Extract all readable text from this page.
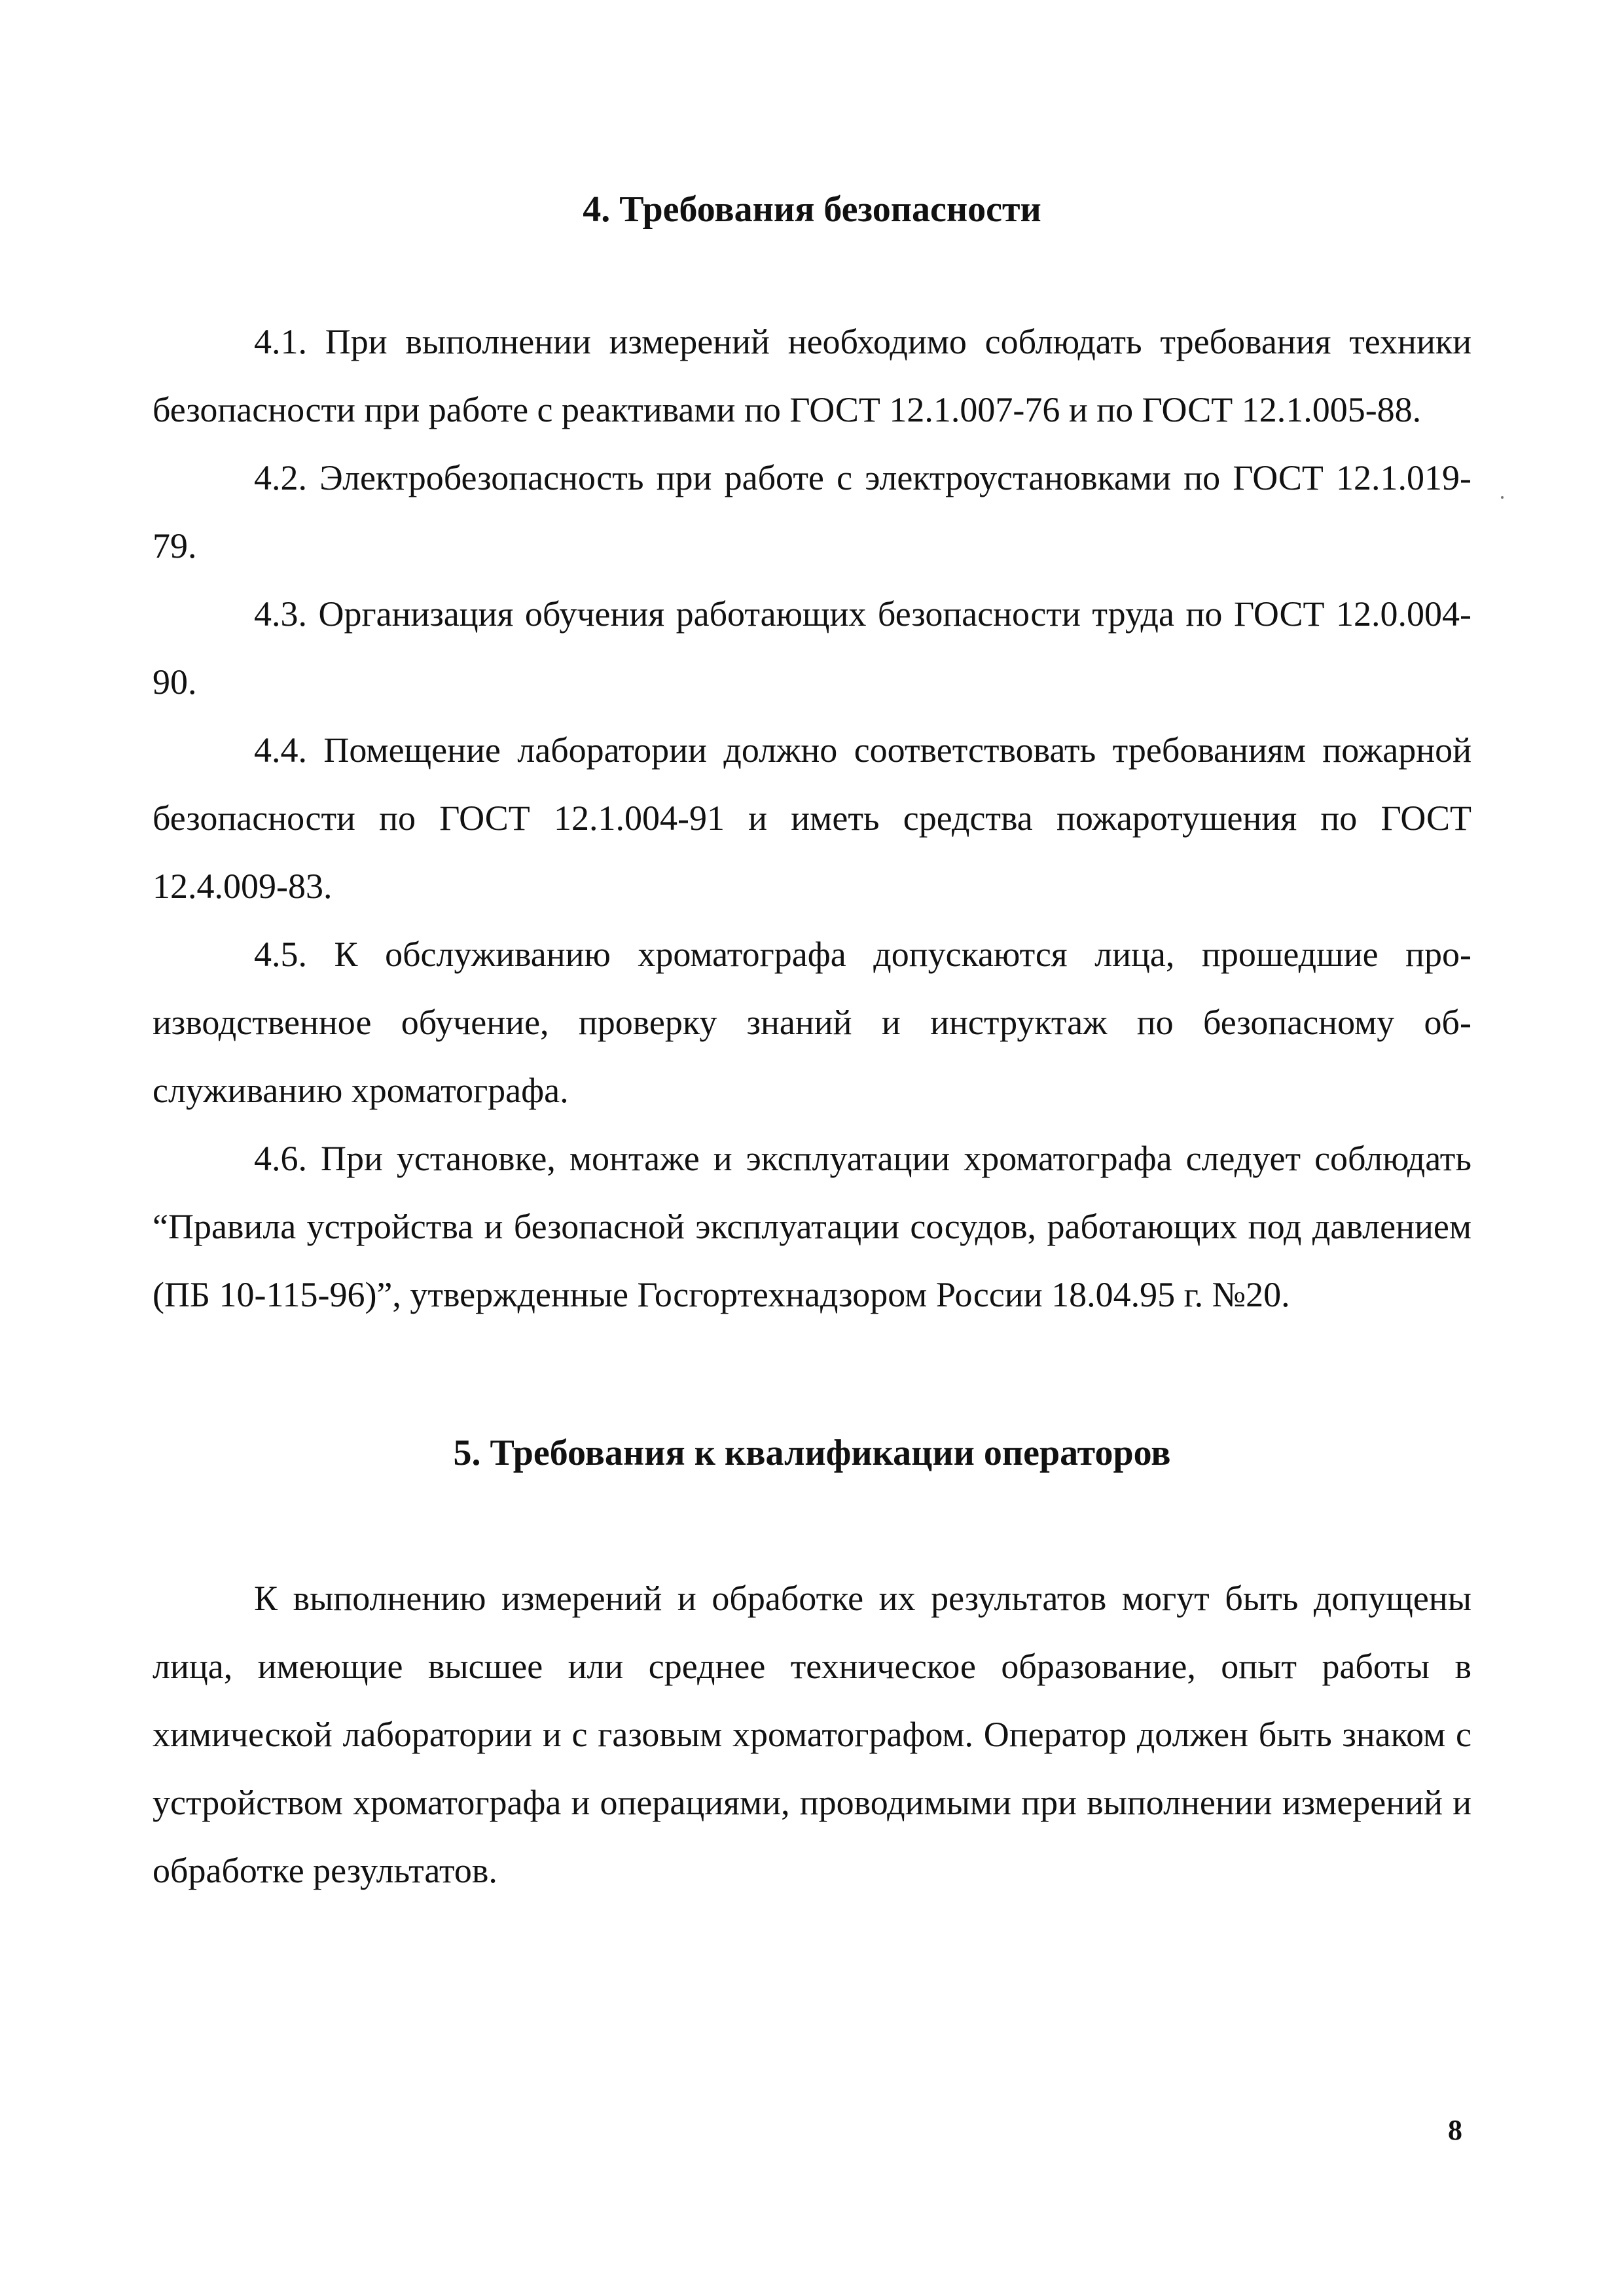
4. Требования безопасности

4.1. При выполнении измерений необходимо соблюдать требования техники безопасности при работе с реактивами по ГОСТ 12.1.007-76 и по ГОСТ 12.1.005-88.

4.2. Электробезопасность при работе с электроустановками по ГОСТ 12.1.019-79.

4.3. Организация обучения работающих безопасности труда по ГОСТ 12.0.004-90.

4.4. Помещение лаборатории должно соответствовать требованиям пожарной безопасности по ГОСТ 12.1.004-91 и иметь средства пожаротушения по ГОСТ 12.4.009-83.

4.5. К обслуживанию хроматографа допускаются лица, прошедшие производственное обучение, проверку знаний и инструктаж по безопасному обслуживанию хроматографа.

4.6. При установке, монтаже и эксплуатации хроматографа следует соблюдать “Правила устройства и безопасной эксплуатации сосудов, работающих под давлением (ПБ 10-115-96)”, утвержденные Госгортехнадзором России 18.04.95 г. №20.

5. Требования к квалификации операторов

К выполнению измерений и обработке их результатов могут быть допущены лица, имеющие высшее или среднее техническое образование, опыт работы в химической лаборатории и с газовым хроматографом. Оператор должен быть знаком с устройством хроматографа и операциями, проводимыми при выполнении измерений и обработке результатов.

8
